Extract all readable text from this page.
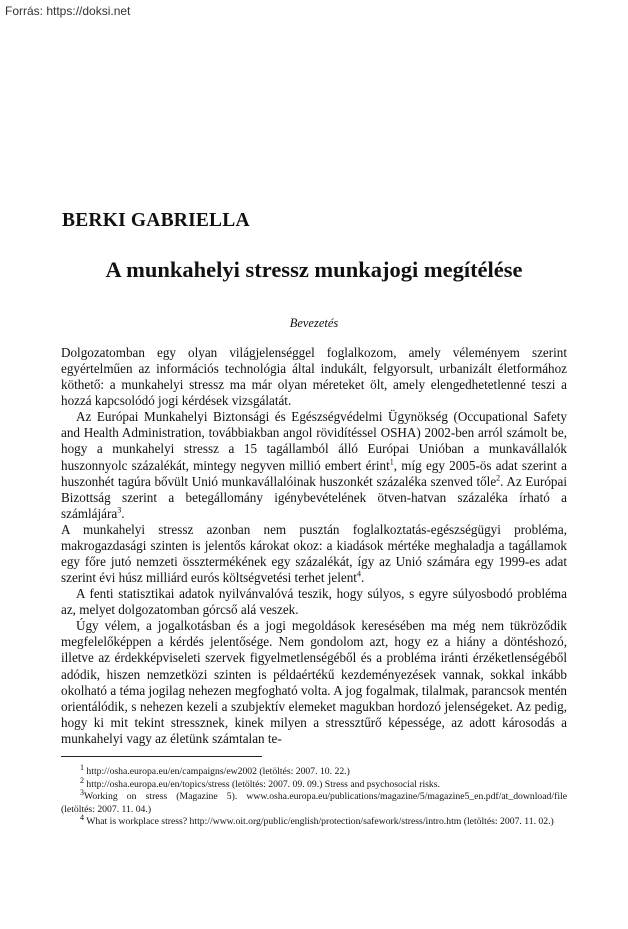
Forrás: https://doksi.net
BERKI GABRIELLA
A munkahelyi stressz munkajogi megítélése
Bevezetés

Dolgozatomban egy olyan világjelenséggel foglalkozom, amely véleményem szerint egyértelműen az információs technológia által indukált, felgyorsult, urbanizált életformához köthető: a munkahelyi stressz ma már olyan méreteket ölt, amely elengedhetetlenné teszi a hozzá kapcsolódó jogi kérdések vizsgálatát.

Az Európai Munkahelyi Biztonsági és Egészségvédelmi Ügynökség (Occupational Safety and Health Administration, továbbiakban angol rövidítéssel OSHA) 2002-ben arról számolt be, hogy a munkahelyi stressz a 15 tagállamból álló Európai Unióban a munkavállalók huszonnyolc százalékát, mintegy negyven millió embert érint$^1$, míg egy 2005-ös adat szerint a huszonhét tagúra bővült Unió munkavállalóinak huszonkét százaléka szenved tőle$^2$. Az Európai Bizottság szerint a betegállomány igénybevételének ötven-hatvan százaléka írható a számlájára$^3$.

A munkahelyi stressz azonban nem pusztán foglalkoztatás-egészségügyi probléma, makrogazdasági szinten is jelentős károkat okoz: a kiadások mértéke meghaladja a tagállamok egy főre jutó nemzeti össztermékének egy százalékát, így az Unió számára egy 1999-es adat szerint évi húsz milliárd eurós költségvetési terhet jelent$^4$.

A fenti statisztikai adatok nyilvánvalóvá teszik, hogy súlyos, s egyre súlyosbodó probléma az, melyet dolgozatomban górcső alá veszek.

Úgy vélem, a jogalkotásban és a jogi megoldások keresésében ma még nem tükröződik megfelelőképpen a kérdés jelentősége. Nem gondolom azt, hogy ez a hiány a döntéshozó, illetve az érdekképviseleti szervek figyelmetlenségéből és a probléma iránti érzéketlenségéből adódik, hiszen nemzetközi szinten is példaértékű kezdeményezések vannak, sokkal inkább okolható a téma jogilag nehezen megfogható volta. A jog fogalmak, tilalmak, parancsok mentén orientálódik, s nehezen kezeli a szubjektív elemeket magukban hordozó jelenségeket. Az pedig, hogy ki mit tekint stressznek, kinek milyen a stressztűrő képessége, az adott károsodás a munkahelyi vagy az életünk számtalan te-

$^1$ http://osha.europa.eu/en/campaigns/ew2002 (letöltés: 2007. 10. 22.)

$^2$ http://osha.europa.eu/en/topics/stress (letöltés: 2007. 09. 09.) Stress and psychosocial risks.

$^3$Working on stress (Magazine 5). www.osha.europa.eu/publications/magazine/5/magazine5_en.pdf/at_download/file (letöltés: 2007. 11. 04.)

$^4$ What is workplace stress? http://www.oit.org/public/english/protection/safework/stress/intro.htm (letöltés: 2007. 11. 02.)
